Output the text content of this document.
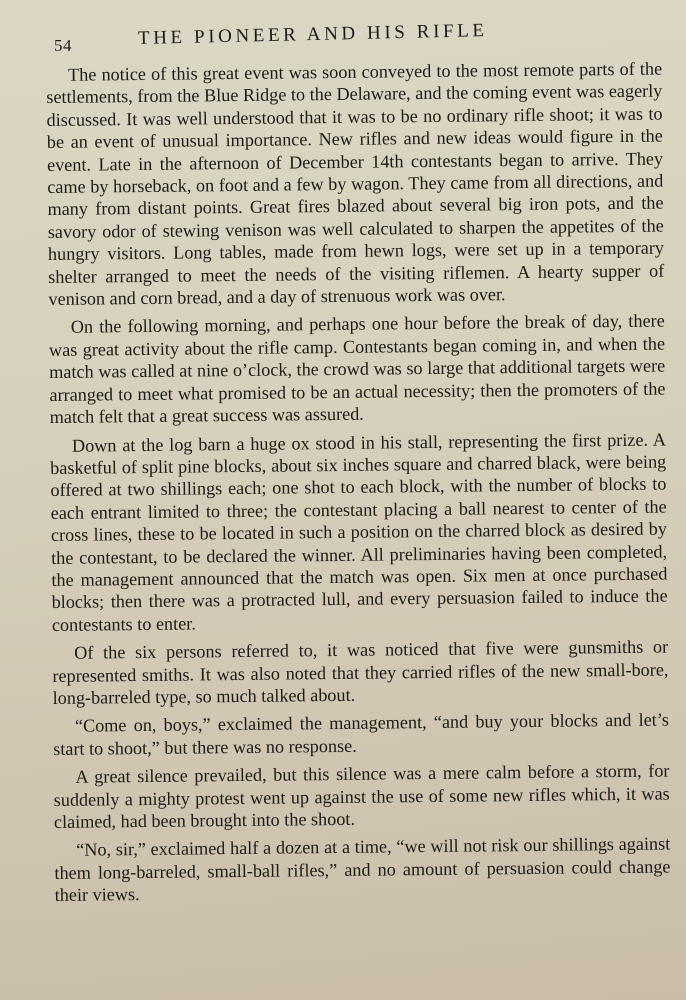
54	THE PIONEER AND HIS RIFLE

The notice of this great event was soon conveyed to the most remote parts of the settlements, from the Blue Ridge to the Delaware, and the coming event was eagerly discussed. It was well understood that it was to be no ordinary rifle shoot; it was to be an event of unusual importance. New rifles and new ideas would figure in the event. Late in the afternoon of December 14th contestants began to arrive. They came by horseback, on foot and a few by wagon. They came from all directions, and many from distant points. Great fires blazed about several big iron pots, and the savory odor of stewing venison was well calculated to sharpen the appetites of the hungry visitors. Long tables, made from hewn logs, were set up in a temporary shelter arranged to meet the needs of the visiting riflemen. A hearty supper of venison and corn bread, and a day of strenuous work was over.

On the following morning, and perhaps one hour before the break of day, there was great activity about the rifle camp. Contestants began coming in, and when the match was called at nine o’clock, the crowd was so large that additional targets were arranged to meet what promised to be an actual necessity; then the promoters of the match felt that a great success was assured.

Down at the log barn a huge ox stood in his stall, representing the first prize. A basketful of split pine blocks, about six inches square and charred black, were being offered at two shillings each; one shot to each block, with the number of blocks to each entrant limited to three; the contestant placing a ball nearest to center of the cross lines, these to be located in such a position on the charred block as desired by the contestant, to be declared the winner. All preliminaries having been completed, the management announced that the match was open. Six men at once purchased blocks; then there was a protracted lull, and every persuasion failed to induce the contestants to enter.

Of the six persons referred to, it was noticed that five were gunsmiths or represented smiths. It was also noted that they carried rifles of the new small-bore, long-barreled type, so much talked about.

“Come on, boys,” exclaimed the management, “and buy your blocks and let’s start to shoot,” but there was no response.

A great silence prevailed, but this silence was a mere calm before a storm, for suddenly a mighty protest went up against the use of some new rifles which, it was claimed, had been brought into the shoot.

“No, sir,” exclaimed half a dozen at a time, “we will not risk our shillings against them long-barreled, small-ball rifles,” and no amount of persuasion could change their views.
